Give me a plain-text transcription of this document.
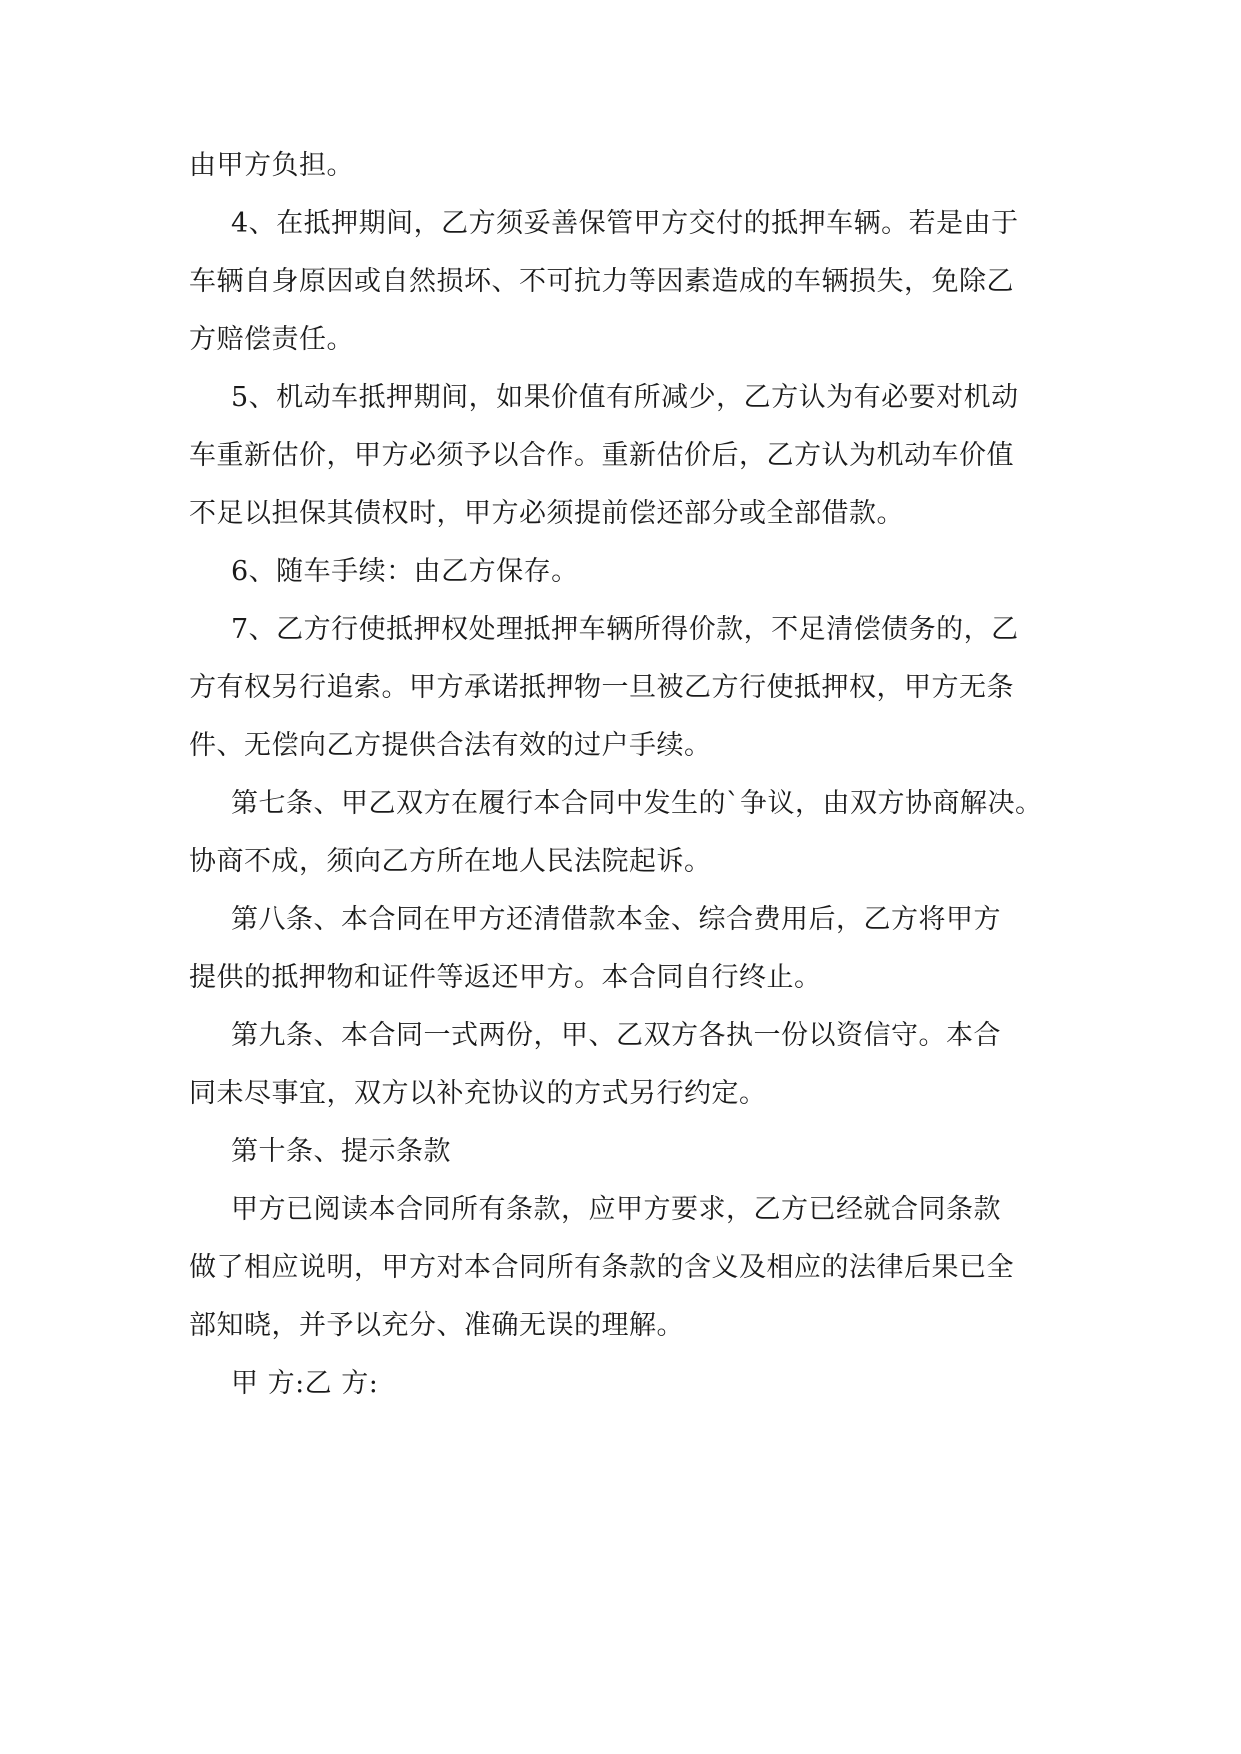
由甲方负担。

4、在抵押期间，乙方须妥善保管甲方交付的抵押车辆。若是由于

车辆自身原因或自然损坏、不可抗力等因素造成的车辆损失，免除乙

方赔偿责任。

5、机动车抵押期间，如果价值有所减少，乙方认为有必要对机动

车重新估价，甲方必须予以合作。重新估价后，乙方认为机动车价值

不足以担保其债权时，甲方必须提前偿还部分或全部借款。

6、随车手续：由乙方保存。

7、乙方行使抵押权处理抵押车辆所得价款，不足清偿债务的，乙

方有权另行追索。甲方承诺抵押物一旦被乙方行使抵押权，甲方无条

件、无偿向乙方提供合法有效的过户手续。

第七条、甲乙双方在履行本合同中发生的`争议，由双方协商解决。

协商不成，须向乙方所在地人民法院起诉。

第八条、本合同在甲方还清借款本金、综合费用后，乙方将甲方

提供的抵押物和证件等返还甲方。本合同自行终止。

第九条、本合同一式两份，甲、乙双方各执一份以资信守。本合

同未尽事宜，双方以补充协议的方式另行约定。

第十条、提示条款

甲方已阅读本合同所有条款，应甲方要求，乙方已经就合同条款

做了相应说明，甲方对本合同所有条款的含义及相应的法律后果已全

部知晓，并予以充分、准确无误的理解。

甲 方:乙 方:
